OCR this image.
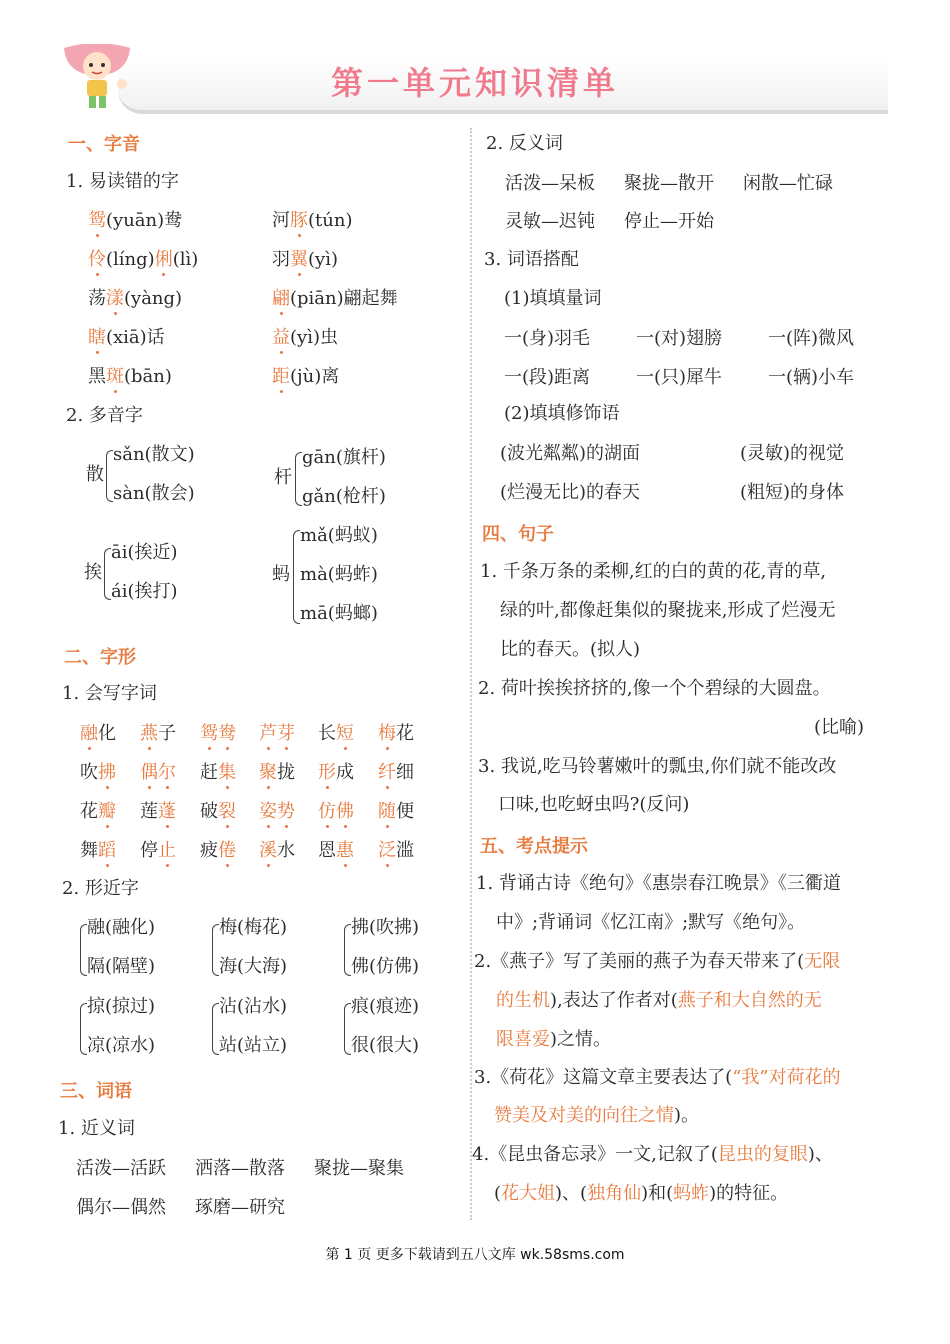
第一单元知识清单
一、字音
1. 易读错的字
鸳(yuān)鸯	河豚(tún)
伶(líng)俐(lì)	羽翼(yì)
荡漾(yàng)	翩(piān)翩起舞
瞎(xiā)话	益(yì)虫
黑斑(bān)	距(jù)离
2. 多音字
散
sǎn(散文)
sàn(散会)
杆
gān(旗杆)
gǎn(枪杆)
挨
āi(挨近)
ái(挨打)
蚂
mǎ(蚂蚁)
mà(蚂蚱)
mā(蚂螂)
二、字形
1. 会写字词
融化 燕子 鸳鸯 芦芽 长短 梅花
吹拂 偶尔 赶集 聚拢 形成 纤细
花瓣 莲蓬 破裂 姿势 仿佛 随便
舞蹈 停止 疲倦 溪水 恩惠 泛滥
2. 形近字
融(融化)
隔(隔壁)
梅(梅花)
海(大海)
拂(吹拂)
佛(仿佛)
掠(掠过)
凉(凉水)
沾(沾水)
站(站立)
痕(痕迹)
很(很大)
三、词语
1. 近义词
活泼—活跃 洒落—散落 聚拢—聚集
偶尔—偶然 琢磨—研究
2. 反义词
活泼—呆板 聚拢—散开 闲散—忙碌
灵敏—迟钝 停止—开始
3. 词语搭配
(1)填填量词
一(身)羽毛	一(对)翅膀	一(阵)微风
一(段)距离	一(只)犀牛	一(辆)小车
(2)填填修饰语
(波光粼粼)的湖面	(灵敏)的视觉
(烂漫无比)的春天	(粗短)的身体
四、句子
1. 千条万条的柔柳,红的白的黄的花,青的草,
绿的叶,都像赶集似的聚拢来,形成了烂漫无
比的春天。(拟人)
2. 荷叶挨挨挤挤的,像一个个碧绿的大圆盘。
(比喻)
3. 我说,吃马铃薯嫩叶的瓢虫,你们就不能改改
口味,也吃蚜虫吗?(反问)
五、考点提示
1. 背诵古诗《绝句》《惠崇春江晚景》《三衢道
中》;背诵词《忆江南》;默写《绝句》。
2.《燕子》写了美丽的燕子为春天带来了(无限
的生机),表达了作者对(燕子和大自然的无
限喜爱)之情。
3.《荷花》这篇文章主要表达了(“我”对荷花的
赞美及对美的向往之情)。
4.《昆虫备忘录》一文,记叙了(昆虫的复眼)、
(花大姐)、(独角仙)和(蚂蚱)的特征。
第 1 页 更多下载请到五八文库 wk.58sms.com
